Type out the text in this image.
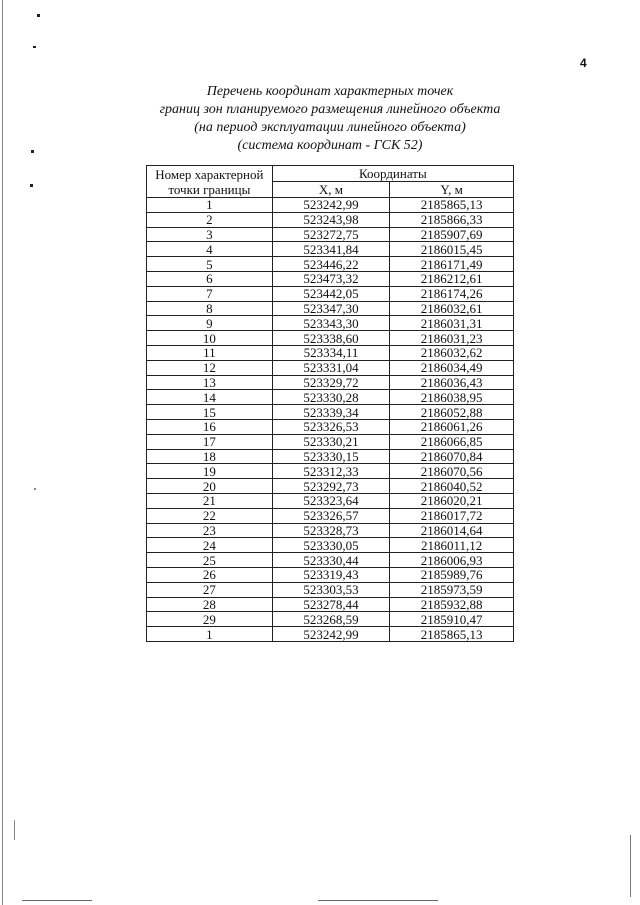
4
Перечень координат характерных точек
границ зон планируемого размещения линейного объекта
(на период эксплуатации линейного объекта)
(система координат - ГСК 52)
Номер характерной точки границы	Координаты	
	X, м	Y, м
1	523242,99	2185865,13
2	523243,98	2185866,33
3	523272,75	2185907,69
4	523341,84	2186015,45
5	523446,22	2186171,49
6	523473,32	2186212,61
7	523442,05	2186174,26
8	523347,30	2186032,61
9	523343,30	2186031,31
10	523338,60	2186031,23
11	523334,11	2186032,62
12	523331,04	2186034,49
13	523329,72	2186036,43
14	523330,28	2186038,95
15	523339,34	2186052,88
16	523326,53	2186061,26
17	523330,21	2186066,85
18	523330,15	2186070,84
19	523312,33	2186070,56
20	523292,73	2186040,52
21	523323,64	2186020,21
22	523326,57	2186017,72
23	523328,73	2186014,64
24	523330,05	2186011,12
25	523330,44	2186006,93
26	523319,43	2185989,76
27	523303,53	2185973,59
28	523278,44	2185932,88
29	523268,59	2185910,47
1	523242,99	2185865,13
